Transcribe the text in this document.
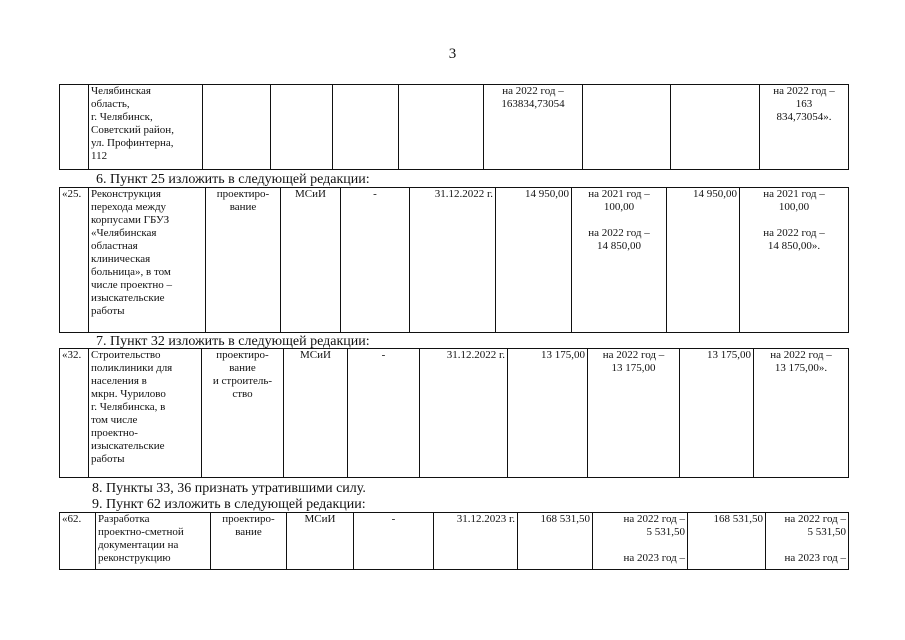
3
	Челябинская
область,
г. Челябинск,
Советский район,
ул. Профинтерна,
112					на 2022 год –
163834,73054			на 2022 год –
163
834,73054».
6. Пункт 25 изложить в следующей редакции:
«25.	Реконструкция
перехода между
корпусами ГБУЗ
«Челябинская
областная
клиническая
больница», в том
числе проектно –
изыскательские
работы	проектиро-
вание	МСиИ	-	31.12.2022 г.	14 950,00	на 2021 год –
100,00

на 2022 год –
14 850,00	14 950,00	на 2021 год –
100,00

на 2022 год –
14 850,00».
7. Пункт 32 изложить в следующей редакции:
«32.	Строительство
поликлиники для
населения в
мкрн. Чурилово
г. Челябинска, в
том числе
проектно-
изыскательские
работы	проектиро-
вание
и строитель-
ство	МСиИ	-	31.12.2022 г.	13 175,00	на 2022 год –
13 175,00	13 175,00	на 2022 год –
13 175,00».
8. Пункты 33, 36 признать утратившими силу.
9. Пункт 62 изложить в следующей редакции:
«62.	Разработка
проектно-сметной
документации на
реконструкцию	проектиро-
вание	МСиИ	-	31.12.2023 г.	168 531,50	на 2022 год –
5 531,50

на 2023 год –	168 531,50	на 2022 год –
5 531,50

на 2023 год –
